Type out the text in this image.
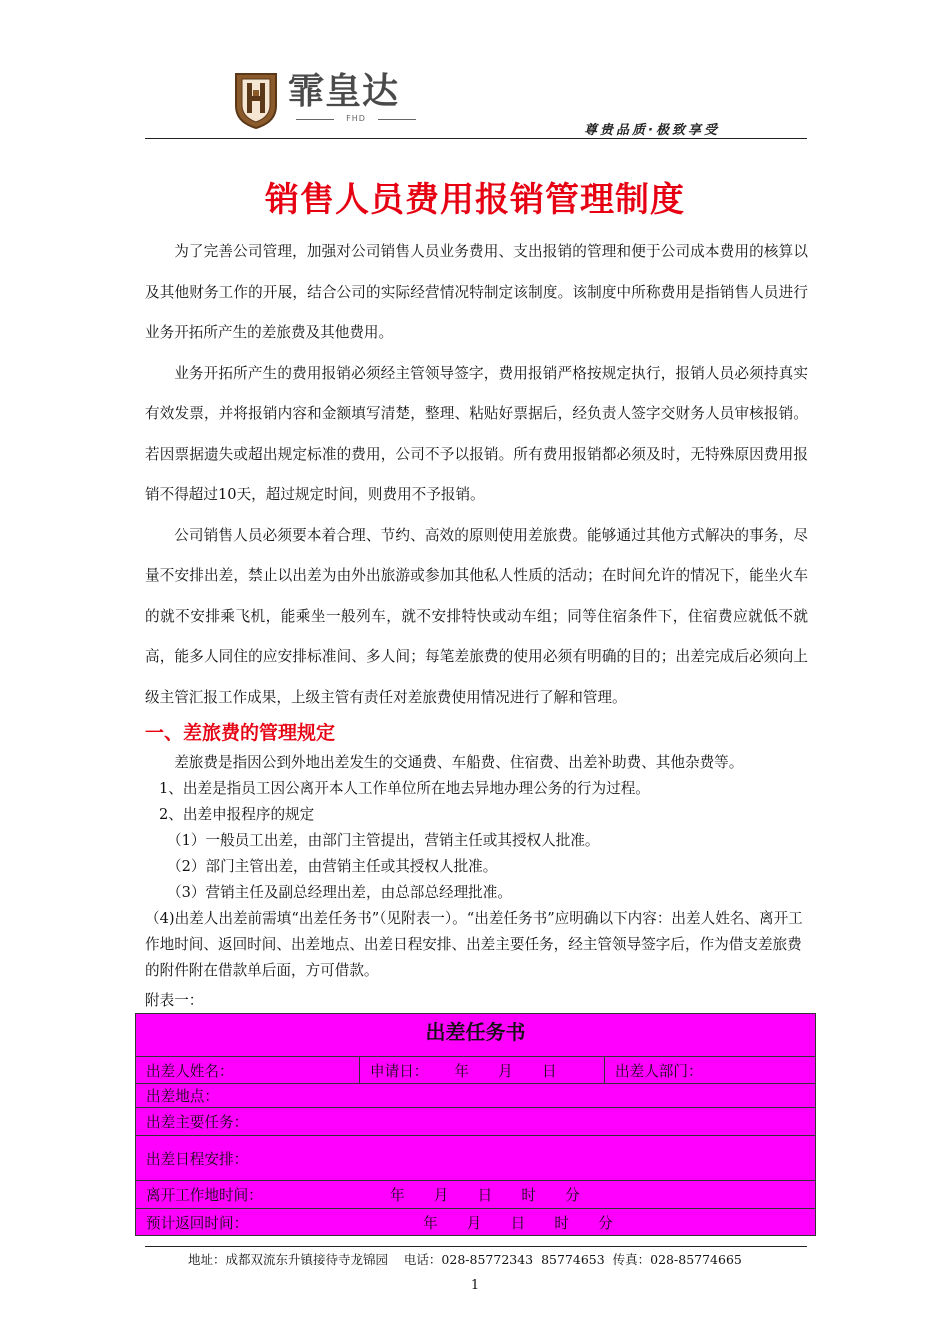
霏皇达
FHD
尊贵品质·极致享受
销售人员费用报销管理制度

为了完善公司管理，加强对公司销售人员业务费用、支出报销的管理和便于公司成本费用的核算以及其他财务工作的开展，结合公司的实际经营情况特制定该制度。该制度中所称费用是指销售人员进行业务开拓所产生的差旅费及其他费用。

业务开拓所产生的费用报销必须经主管领导签字，费用报销严格按规定执行，报销人员必须持真实有效发票，并将报销内容和金额填写清楚，整理、粘贴好票据后，经负责人签字交财务人员审核报销。若因票据遗失或超出规定标准的费用，公司不予以报销。所有费用报销都必须及时，无特殊原因费用报销不得超过10天，超过规定时间，则费用不予报销。

公司销售人员必须要本着合理、节约、高效的原则使用差旅费。能够通过其他方式解决的事务，尽量不安排出差，禁止以出差为由外出旅游或参加其他私人性质的活动；在时间允许的情况下，能坐火车的就不安排乘飞机，能乘坐一般列车，就不安排特快或动车组；同等住宿条件下，住宿费应就低不就高，能多人同住的应安排标准间、多人间；每笔差旅费的使用必须有明确的目的；出差完成后必须向上级主管汇报工作成果，上级主管有责任对差旅费使用情况进行了解和管理。

一、差旅费的管理规定

差旅费是指因公到外地出差发生的交通费、车船费、住宿费、出差补助费、其他杂费等。

1、出差是指员工因公离开本人工作单位所在地去异地办理公务的行为过程。

2、出差申报程序的规定

（1）一般员工出差，由部门主管提出，营销主任或其授权人批准。

（2）部门主管出差，由营销主任或其授权人批准。

（3）营销主任及副总经理出差，由总部总经理批准。

（4)出差人出差前需填“出差任务书”（见附表一）。“出差任务书”应明确以下内容：出差人姓名、离开工作地时间、返回时间、出差地点、出差日程安排、出差主要任务，经主管领导签字后，作为借支差旅费的附件附在借款单后面，方可借款。

附表一：

出差任务书
出差人姓名：	申请日： 年　　月　　日	出差人部门：
出差地点：
出差主要任务：
出差日程安排：
离开工作地时间：	年　　月　　日　　时　　分
预计返回时间：	年　　月　　日　　时　　分
地址：成都双流东升镇接待寺龙锦园 电话：028-85772343  85774653 传真：028-85774665
1
